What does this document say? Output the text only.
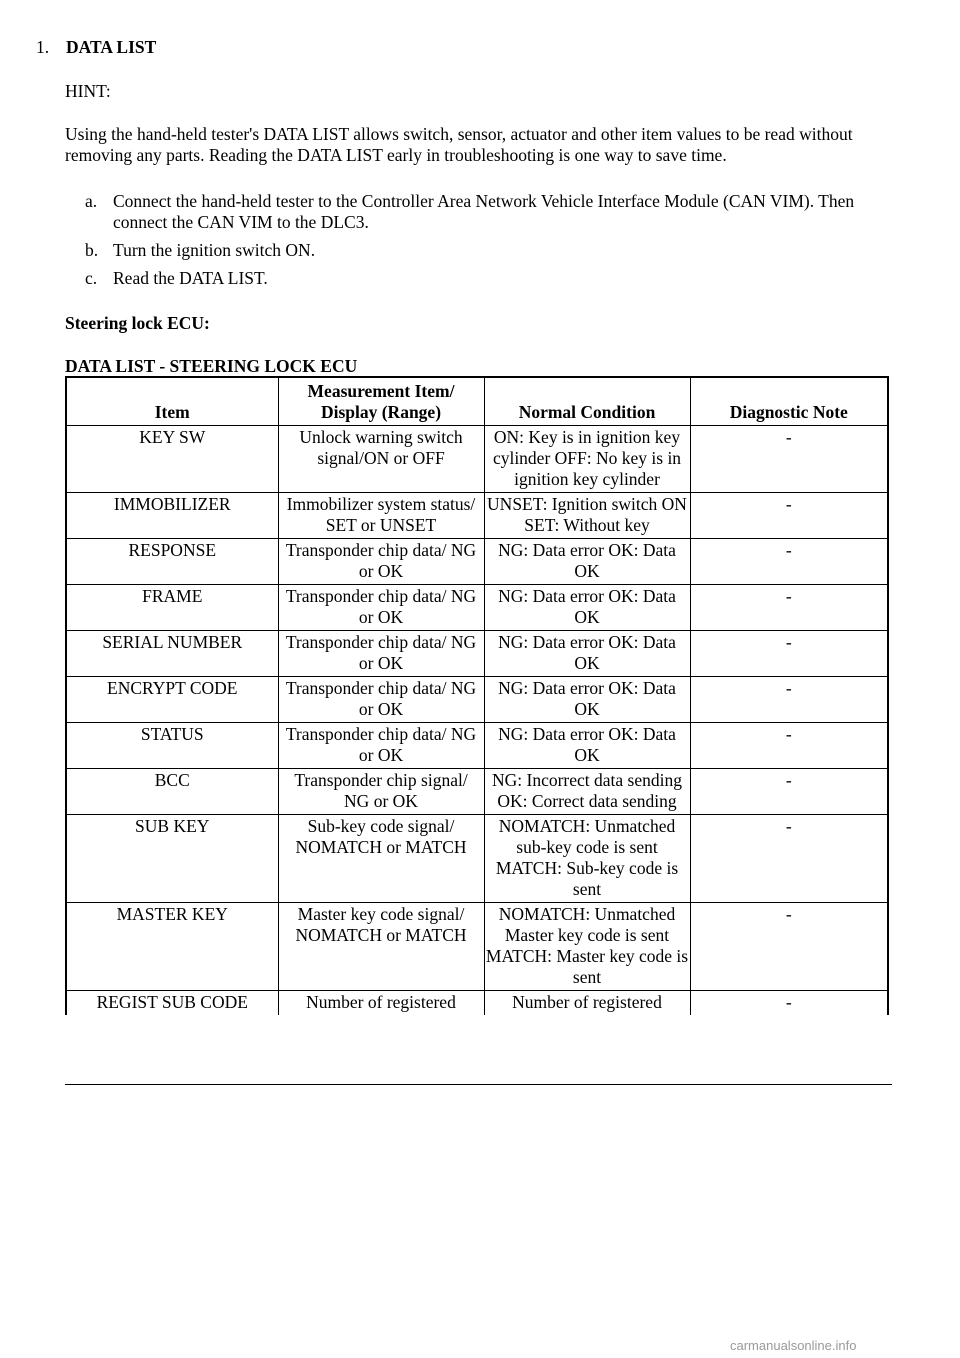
1. DATA LIST

HINT:

Using the hand-held tester's DATA LIST allows switch, sensor, actuator and other item values to be read without removing any parts. Reading the DATA LIST early in troubleshooting is one way to save time.

a. Connect the hand-held tester to the Controller Area Network Vehicle Interface Module (CAN VIM). Then connect the CAN VIM to the DLC3.
b. Turn the ignition switch ON.
c. Read the DATA LIST.

Steering lock ECU:

DATA LIST - STEERING LOCK ECU

Item	Measurement Item/ Display (Range)	Normal Condition	Diagnostic Note
KEY SW	Unlock warning switch signal/ON or OFF	ON: Key is in ignition key cylinder OFF: No key is in ignition key cylinder	-
IMMOBILIZER	Immobilizer system status/ SET or UNSET	UNSET: Ignition switch ON SET: Without key	-
RESPONSE	Transponder chip data/ NG or OK	NG: Data error OK: Data OK	-
FRAME	Transponder chip data/ NG or OK	NG: Data error OK: Data OK	-
SERIAL NUMBER	Transponder chip data/ NG or OK	NG: Data error OK: Data OK	-
ENCRYPT CODE	Transponder chip data/ NG or OK	NG: Data error OK: Data OK	-
STATUS	Transponder chip data/ NG or OK	NG: Data error OK: Data OK	-
BCC	Transponder chip signal/ NG or OK	NG: Incorrect data sending OK: Correct data sending	-
SUB KEY	Sub-key code signal/ NOMATCH or MATCH	NOMATCH: Unmatched sub-key code is sent MATCH: Sub-key code is sent	-
MASTER KEY	Master key code signal/ NOMATCH or MATCH	NOMATCH: Unmatched Master key code is sent MATCH: Master key code is sent	-
REGIST SUB CODE	Number of registered	Number of registered	-
carmanualsonline.info
